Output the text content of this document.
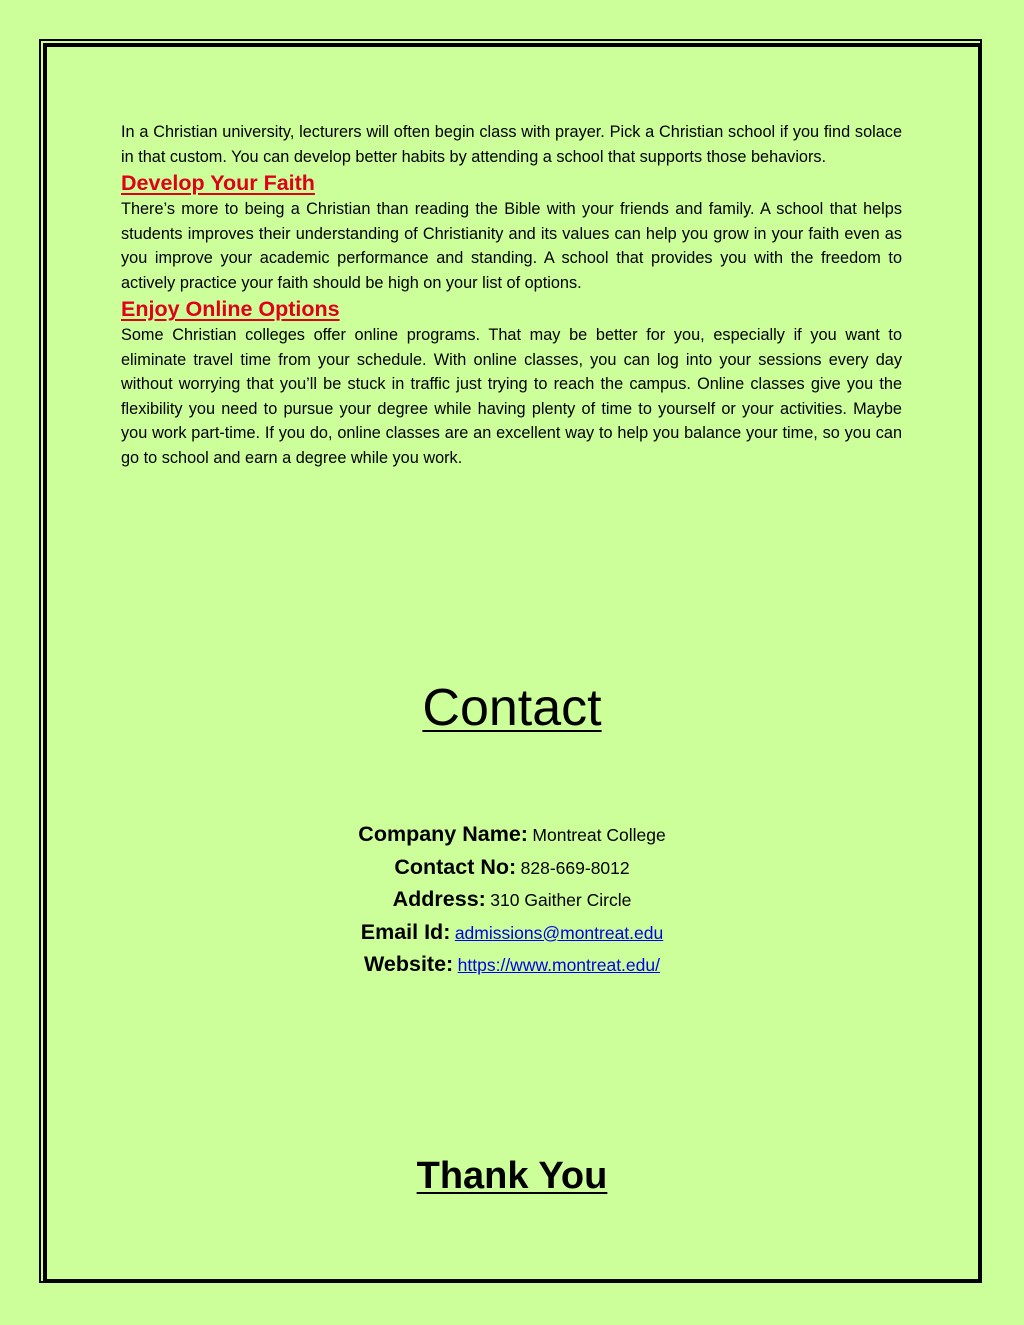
In a Christian university, lecturers will often begin class with prayer. Pick a Christian school if you find solace in that custom. You can develop better habits by attending a school that supports those behaviors.

Develop Your Faith

There’s more to being a Christian than reading the Bible with your friends and family. A school that helps students improves their understanding of Christianity and its values can help you grow in your faith even as you improve your academic performance and standing. A school that provides you with the freedom to actively practice your faith should be high on your list of options.

Enjoy Online Options

Some Christian colleges offer online programs. That may be better for you, especially if you want to eliminate travel time from your schedule. With online classes, you can log into your sessions every day without worrying that you’ll be stuck in traffic just trying to reach the campus. Online classes give you the flexibility you need to pursue your degree while having plenty of time to yourself or your activities. Maybe you work part-time. If you do, online classes are an excellent way to help you balance your time, so you can go to school and earn a degree while you work.

Contact
Company Name: Montreat College
Contact No: 828-669-8012
Address: 310 Gaither Circle
Email Id: admissions@montreat.edu
Website: https://www.montreat.edu/
Thank You
